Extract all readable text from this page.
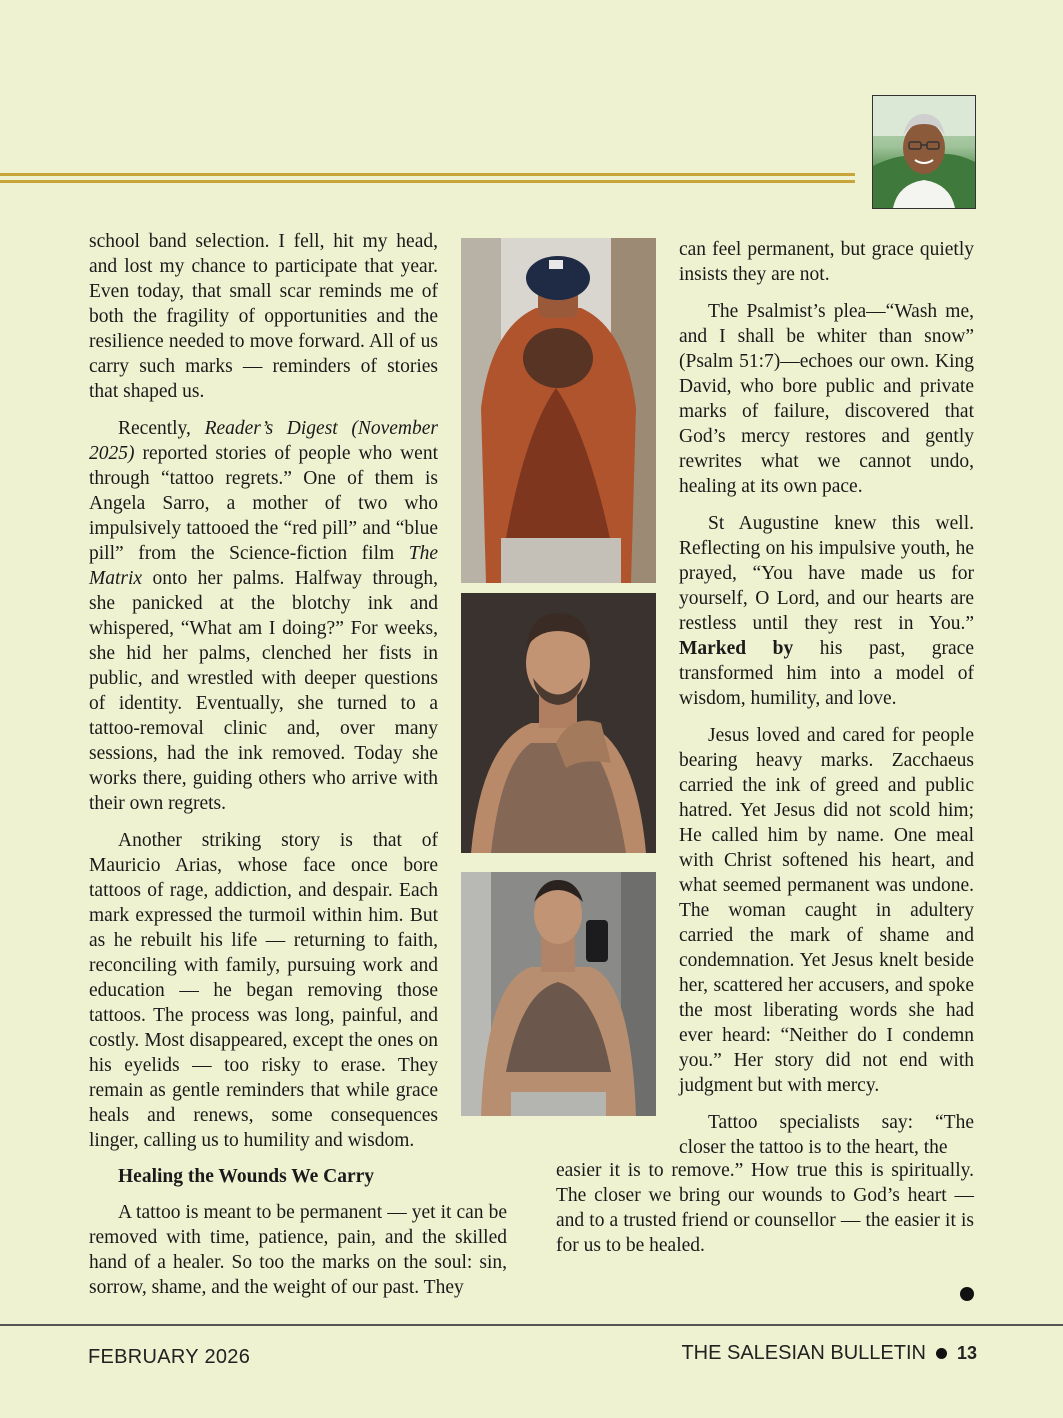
school band selection. I fell, hit my head, and lost my chance to participate that year. Even today, that small scar reminds me of both the fragility of opportunities and the resilience needed to move forward. All of us carry such marks — reminders of stories that shaped us.

Recently, Reader’s Digest (November 2025) reported stories of people who went through “tattoo regrets.” One of them is Angela Sarro, a mother of two who impulsively tattooed the “red pill” and “blue pill” from the Science-fiction film The Matrix onto her palms. Halfway through, she panicked at the blotchy ink and whispered, “What am I doing?” For weeks, she hid her palms, clenched her fists in public, and wrestled with deeper questions of identity. Eventually, she turned to a tattoo-removal clinic and, over many sessions, had the ink removed. Today she works there, guiding others who arrive with their own regrets.

Another striking story is that of Mauricio Arias, whose face once bore tattoos of rage, addiction, and despair. Each mark expressed the turmoil within him. But as he rebuilt his life — returning to faith, reconciling with family, pursuing work and education — he began removing those tattoos. The process was long, painful, and costly. Most disappeared, except the ones on his eyelids — too risky to erase. They remain as gentle reminders that while grace heals and renews, some consequences linger, calling us to humility and wisdom.

Healing the Wounds We Carry

A tattoo is meant to be permanent — yet it can be removed with time, patience, pain, and the skilled hand of a healer. So too the marks on the soul: sin, sorrow, shame, and the weight of our past. They

can feel permanent, but grace quietly insists they are not.

The Psalmist’s plea—“Wash me, and I shall be whiter than snow” (Psalm 51:7)—echoes our own. King David, who bore public and private marks of failure, discovered that God’s mercy restores and gently rewrites what we cannot undo, healing at its own pace.

St Augustine knew this well. Reflecting on his impulsive youth, he prayed, “You have made us for yourself, O Lord, and our hearts are restless until they rest in You.” Marked by his past, grace transformed him into a model of wisdom, humility, and love.

Jesus loved and cared for people bearing heavy marks. Zacchaeus carried the ink of greed and public hatred. Yet Jesus did not scold him; He called him by name. One meal with Christ softened his heart, and what seemed permanent was undone. The woman caught in adultery carried the mark of shame and condemnation. Yet Jesus knelt beside her, scattered her accusers, and spoke the most liberating words she had ever heard: “Neither do I condemn you.” Her story did not end with judgment but with mercy.

Tattoo specialists say: “The closer the tattoo is to the heart, the

easier it is to remove.” How true this is spiritually. The closer we bring our wounds to God’s heart — and to a trusted friend or counsellor — the easier it is for us to be healed.

FEBRUARY 2026	THE SALESIAN BULLETIN 13
